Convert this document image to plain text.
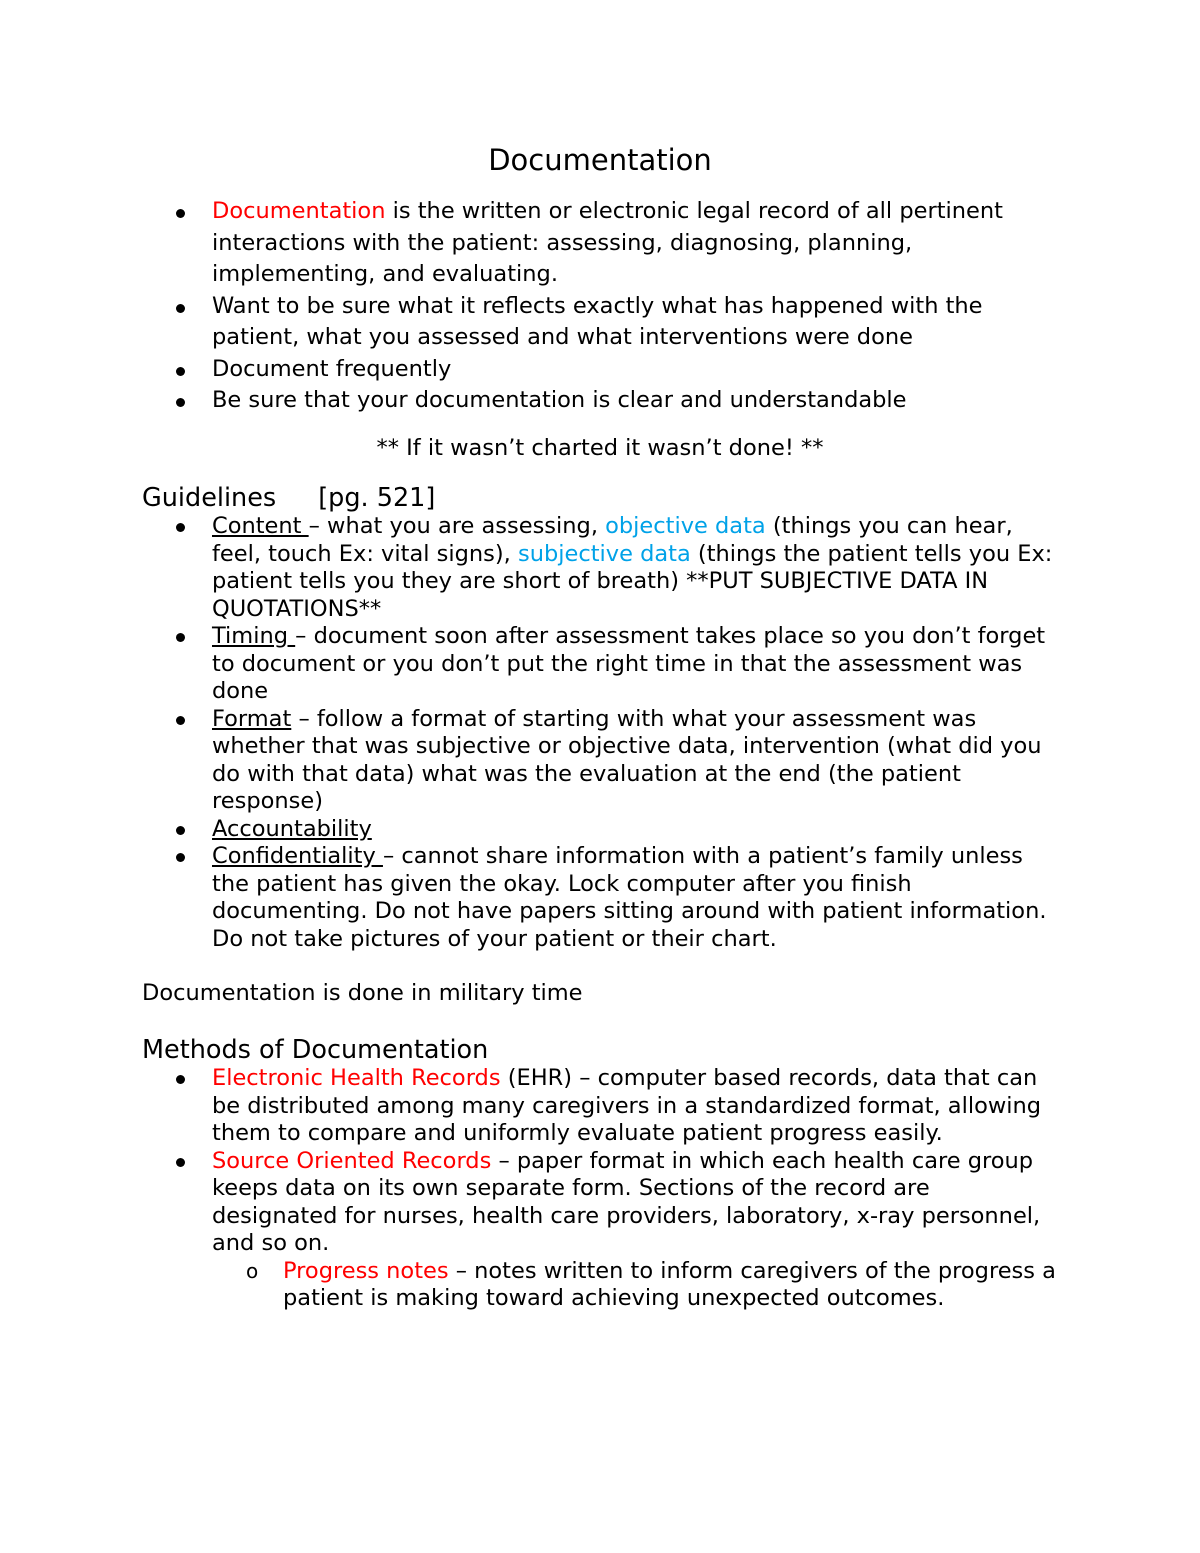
Documentation
Documentation is the written or electronic legal record of all pertinent interactions with the patient: assessing, diagnosing, planning, implementing, and evaluating.
Want to be sure what it reflects exactly what has happened with the patient, what you assessed and what interventions were done
Document frequently
Be sure that your documentation is clear and understandable
** If it wasn’t charted it wasn’t done! **
Guidelines [pg. 521]
Content – what you are assessing, objective data (things you can hear, feel, touch Ex: vital signs), subjective data (things the patient tells you Ex: patient tells you they are short of breath) **PUT SUBJECTIVE DATA IN QUOTATIONS**
Timing – document soon after assessment takes place so you don’t forget to document or you don’t put the right time in that the assessment was done
Format – follow a format of starting with what your assessment was whether that was subjective or objective data, intervention (what did you do with that data) what was the evaluation at the end (the patient response)
Accountability
Confidentiality – cannot share information with a patient’s family unless the patient has given the okay. Lock computer after you finish documenting. Do not have papers sitting around with patient information. Do not take pictures of your patient or their chart.
Documentation is done in military time
Methods of Documentation
Electronic Health Records (EHR) – computer based records, data that can be distributed among many caregivers in a standardized format, allowing them to compare and uniformly evaluate patient progress easily.
Source Oriented Records – paper format in which each health care group keeps data on its own separate form. Sections of the record are designated for nurses, health care providers, laboratory, x-ray personnel, and so on.
o Progress notes – notes written to inform caregivers of the progress a patient is making toward achieving unexpected outcomes.
